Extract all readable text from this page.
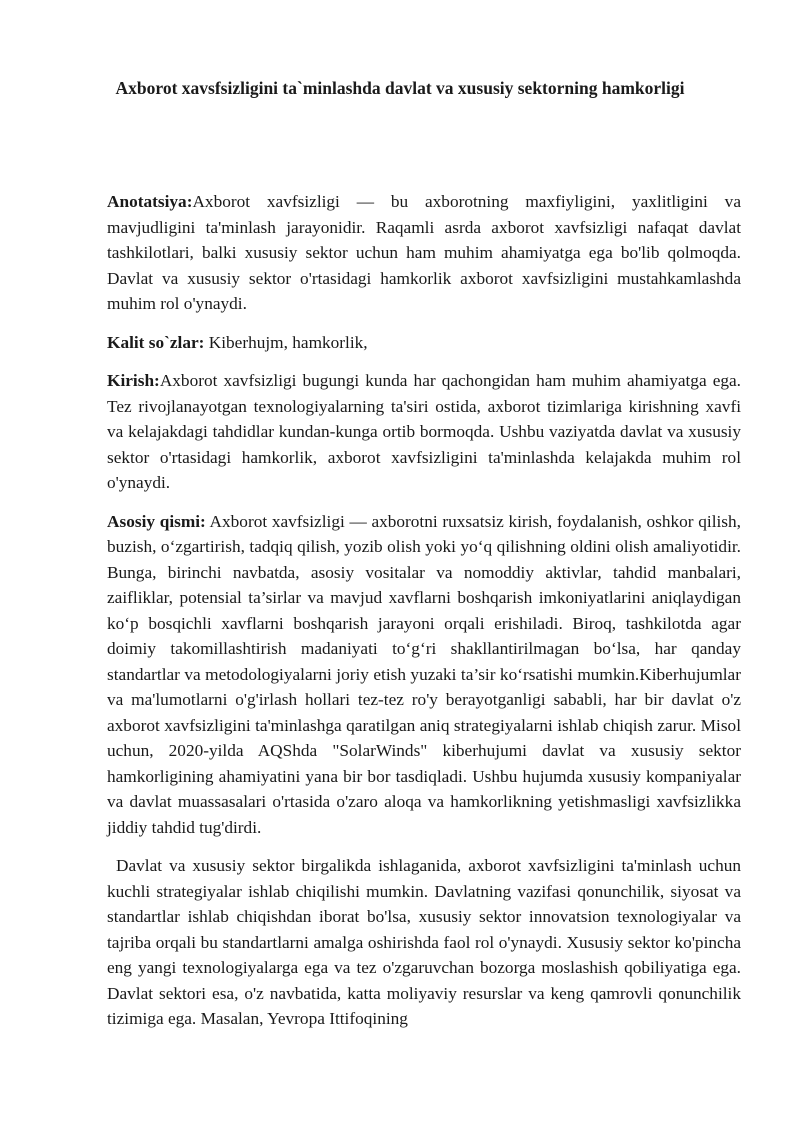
Axborot xavsfsizligini ta`minlashda davlat va xususiy sektorning hamkorligi

Anotatsiya:Axborot xavfsizligi — bu axborotning maxfiyligini, yaxlitligini va mavjudligini ta'minlash jarayonidir. Raqamli asrda axborot xavfsizligi nafaqat davlat tashkilotlari, balki xususiy sektor uchun ham muhim ahamiyatga ega bo'lib qolmoqda. Davlat va xususiy sektor o'rtasidagi hamkorlik axborot xavfsizligini mustahkamlashda muhim rol o'ynaydi.

Kalit so`zlar: Kiberhujm, hamkorlik,

Kirish:Axborot xavfsizligi bugungi kunda har qachongidan ham muhim ahamiyatga ega. Tez rivojlanayotgan texnologiyalarning ta'siri ostida, axborot tizimlariga kirishning xavfi va kelajakdagi tahdidlar kundan-kunga ortib bormoqda. Ushbu vaziyatda davlat va xususiy sektor o'rtasidagi hamkorlik, axborot xavfsizligini ta'minlashda kelajakda muhim rol o'ynaydi.

Asosiy qismi: Axborot xavfsizligi — axborotni ruxsatsiz kirish, foydalanish, oshkor qilish, buzish, o‘zgartirish, tadqiq qilish, yozib olish yoki yo‘q qilishning oldini olish amaliyotidir. Bunga, birinchi navbatda, asosiy vositalar va nomoddiy aktivlar, tahdid manbalari, zaifliklar, potensial ta’sirlar va mavjud xavflarni boshqarish imkoniyatlarini aniqlaydigan ko‘p bosqichli xavflarni boshqarish jarayoni orqali erishiladi. Biroq, tashkilotda agar doimiy takomillashtirish madaniyati to‘g‘ri shakllantirilmagan bo‘lsa, har qanday standartlar va metodologiyalarni joriy etish yuzaki ta’sir ko‘rsatishi mumkin.Kiberhujumlar va ma'lumotlarni o'g'irlash hollari tez-tez ro'y berayotganligi sababli, har bir davlat o'z axborot xavfsizligini ta'minlashga qaratilgan aniq strategiyalarni ishlab chiqish zarur. Misol uchun, 2020-yilda AQShda "SolarWinds" kiberhujumi davlat va xususiy sektor hamkorligining ahamiyatini yana bir bor tasdiqladi. Ushbu hujumda xususiy kompaniyalar va davlat muassasalari o'rtasida o'zaro aloqa va hamkorlikning yetishmasligi xavfsizlikka jiddiy tahdid tug'dirdi.

Davlat va xususiy sektor birgalikda ishlaganida, axborot xavfsizligini ta'minlash uchun kuchli strategiyalar ishlab chiqilishi mumkin. Davlatning vazifasi qonunchilik, siyosat va standartlar ishlab chiqishdan iborat bo'lsa, xususiy sektor innovatsion texnologiyalar va tajriba orqali bu standartlarni amalga oshirishda faol rol o'ynaydi. Xususiy sektor ko'pincha eng yangi texnologiyalarga ega va tez o'zgaruvchan bozorga moslashish qobiliyatiga ega. Davlat sektori esa, o'z navbatida, katta moliyaviy resurslar va keng qamrovli qonunchilik tizimiga ega. Masalan, Yevropa Ittifoqining
